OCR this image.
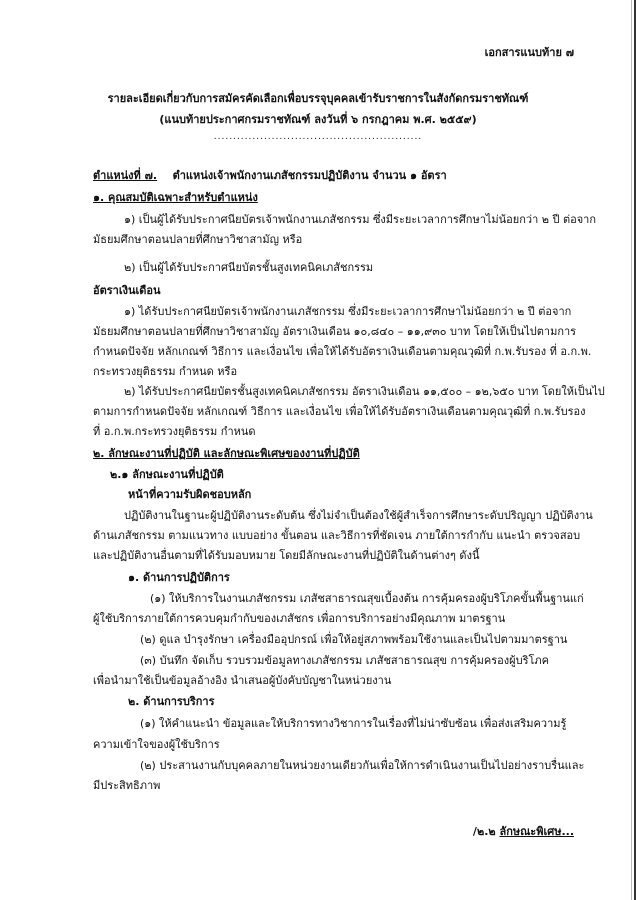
เอกสารแนบท้าย ๗
รายละเอียดเกี่ยวกับการสมัครคัดเลือกเพื่อบรรจุบุคคลเข้ารับราชการในสังกัดกรมราชทัณฑ์
(แนบท้ายประกาศกรมราชทัณฑ์ ลงวันที่ ๖ กรกฎาคม พ.ศ. ๒๕๕๙)
......................................................
ตำแหน่งที่ ๗. ตำแหน่งเจ้าพนักงานเภสัชกรรมปฏิบัติงาน จำนวน ๑ อัตรา
๑. คุณสมบัติเฉพาะสำหรับตำแหน่ง
๑) เป็นผู้ได้รับประกาศนียบัตรเจ้าพนักงานเภสัชกรรม ซึ่งมีระยะเวลาการศึกษาไม่น้อยกว่า ๒ ปี ต่อจาก
มัธยมศึกษาตอนปลายที่ศึกษาวิชาสามัญ หรือ
๒) เป็นผู้ได้รับประกาศนียบัตรชั้นสูงเทคนิคเภสัชกรรม
อัตราเงินเดือน
๑) ได้รับประกาศนียบัตรเจ้าพนักงานเภสัชกรรม ซึ่งมีระยะเวลาการศึกษาไม่น้อยกว่า ๒ ปี ต่อจาก
มัธยมศึกษาตอนปลายที่ศึกษาวิชาสามัญ อัตราเงินเดือน ๑๐,๘๔๐ – ๑๑,๙๓๐ บาท โดยให้เป็นไปตามการ
กำหนดปัจจัย หลักเกณฑ์ วิธีการ และเงื่อนไข เพื่อให้ได้รับอัตราเงินเดือนตามคุณวุฒิที่ ก.พ.รับรอง ที่ อ.ก.พ.
กระทรวงยุติธรรม กำหนด หรือ
๒) ได้รับประกาศนียบัตรชั้นสูงเทคนิคเภสัชกรรม อัตราเงินเดือน ๑๑,๕๐๐ – ๑๒,๖๕๐ บาท โดยให้เป็นไป
ตามการกำหนดปัจจัย หลักเกณฑ์ วิธีการ และเงื่อนไข เพื่อให้ได้รับอัตราเงินเดือนตามคุณวุฒิที่ ก.พ.รับรอง
ที่ อ.ก.พ.กระทรวงยุติธรรม กำหนด
๒. ลักษณะงานที่ปฏิบัติ และลักษณะพิเศษของงานที่ปฏิบัติ
๒.๑ ลักษณะงานที่ปฏิบัติ
หน้าที่ความรับผิดชอบหลัก
ปฏิบัติงานในฐานะผู้ปฏิบัติงานระดับต้น ซึ่งไม่จำเป็นต้องใช้ผู้สำเร็จการศึกษาระดับปริญญา ปฏิบัติงาน
ด้านเภสัชกรรม ตามแนวทาง แบบอย่าง ขั้นตอน และวิธีการที่ชัดเจน ภายใต้การกำกับ แนะนำ ตรวจสอบ
และปฏิบัติงานอื่นตามที่ได้รับมอบหมาย โดยมีลักษณะงานที่ปฏิบัติในด้านต่างๆ ดังนี้
๑. ด้านการปฏิบัติการ
(๑) ให้บริการในงานเภสัชกรรม เภสัชสาธารณสุขเบื้องต้น การคุ้มครองผู้บริโภคขั้นพื้นฐานแก่
ผู้ใช้บริการภายใต้การควบคุมกำกับของเภสัชกร เพื่อการบริการอย่างมีคุณภาพ มาตรฐาน
(๒) ดูแล บำรุงรักษา เครื่องมืออุปกรณ์ เพื่อให้อยู่สภาพพร้อมใช้งานและเป็นไปตามมาตรฐาน
(๓) บันทึก จัดเก็บ รวบรวมข้อมูลทางเภสัชกรรม เภสัชสาธารณสุข การคุ้มครองผู้บริโภค
เพื่อนำมาใช้เป็นข้อมูลอ้างอิง นำเสนอผู้บังคับบัญชาในหน่วยงาน
๒. ด้านการบริการ
(๑) ให้คำแนะนำ ข้อมูลและให้บริการทางวิชาการในเรื่องที่ไม่น่าซับซ้อน เพื่อส่งเสริมความรู้
ความเข้าใจของผู้ใช้บริการ
(๒) ประสานงานกับบุคคลภายในหน่วยงานเดียวกันเพื่อให้การดำเนินงานเป็นไปอย่างราบรื่นและ
มีประสิทธิภาพ
/๒.๒ ลักษณะพิเศษ...
